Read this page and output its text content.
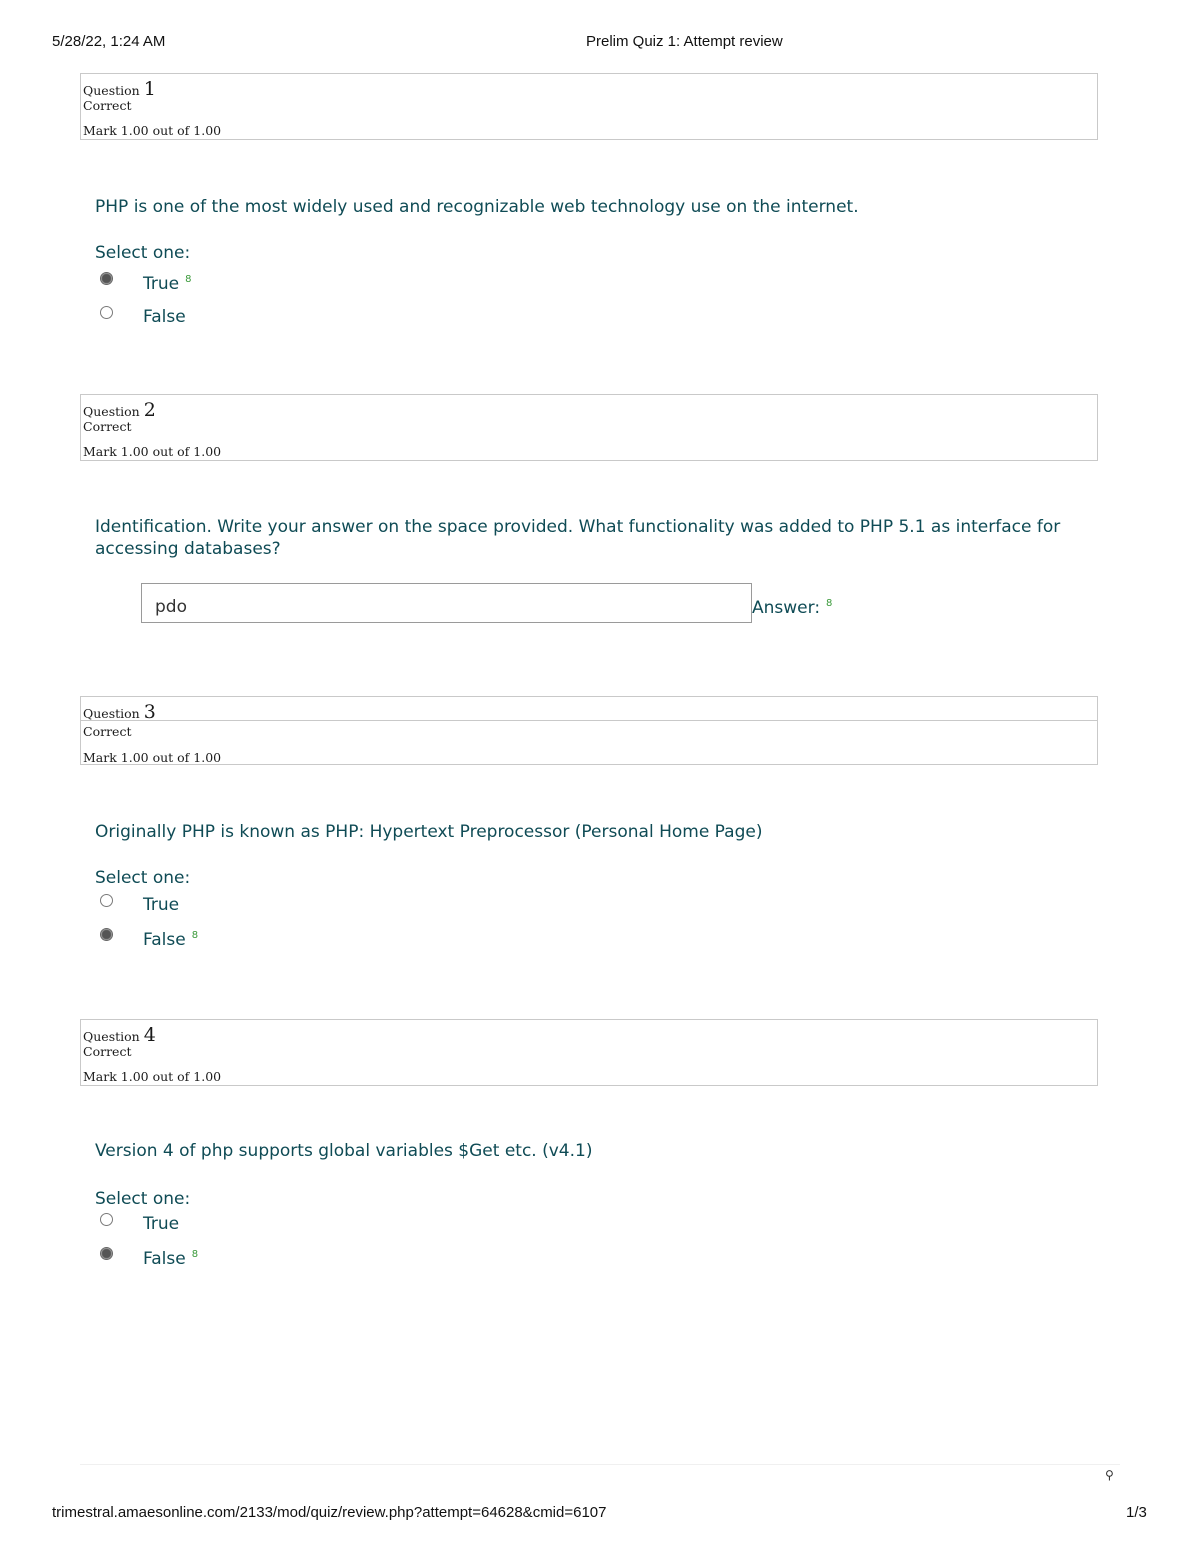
5/28/22, 1:24 AM	Prelim Quiz 1: Attempt review
Question 1
Correct
Mark 1.00 out of 1.00
PHP is one of the most widely used and recognizable web technology use on the internet.
Select one:
True $^8$
False
Question 2
Correct
Mark 1.00 out of 1.00
Identification. Write your answer on the space provided. What functionality was added to PHP 5.1 as interface for
accessing databases?
pdo	Answer: $^8$
Question 3
Correct
Mark 1.00 out of 1.00
Originally PHP is known as PHP: Hypertext Preprocessor (Personal Home Page)
Select one:
True
False $^8$
Question 4
Correct
Mark 1.00 out of 1.00
Version 4 of php supports global variables $Get etc. (v4.1)
Select one:
True
False $^8$
⚲
trimestral.amaesonline.com/2133/mod/quiz/review.php?attempt=64628&cmid=6107	1/3
